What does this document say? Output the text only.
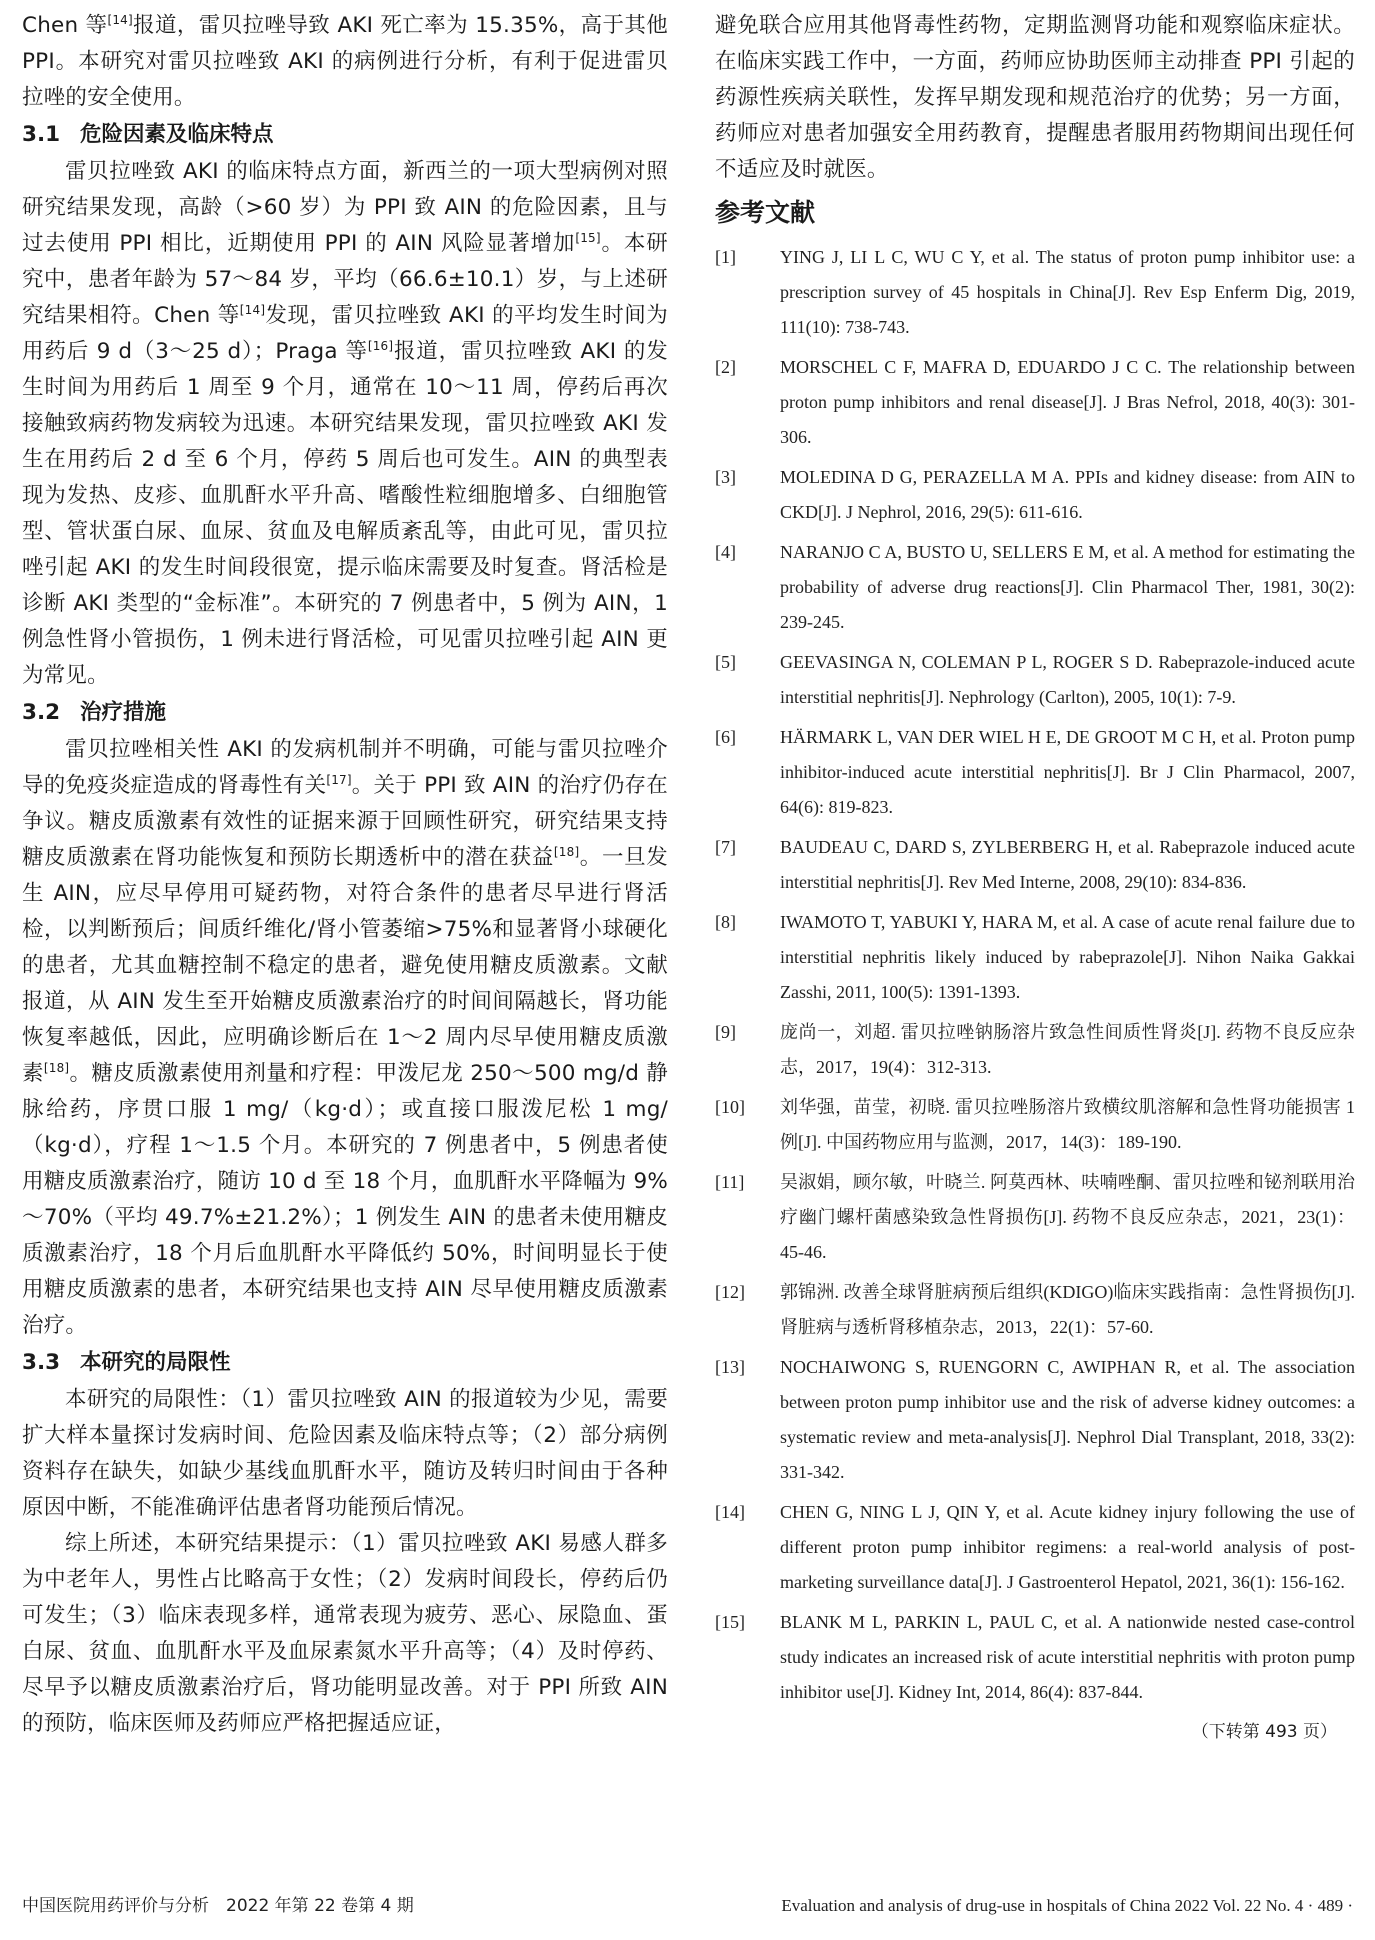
Chen 等[14]报道，雷贝拉唑导致 AKI 死亡率为 15.35%，高于其他 PPI。本研究对雷贝拉唑致 AKI 的病例进行分析，有利于促进雷贝拉唑的安全使用。

3.1 危险因素及临床特点

雷贝拉唑致 AKI 的临床特点方面，新西兰的一项大型病例对照研究结果发现，高龄（>60 岁）为 PPI 致 AIN 的危险因素，且与过去使用 PPI 相比，近期使用 PPI 的 AIN 风险显著增加[15]。本研究中，患者年龄为 57～84 岁，平均（66.6±10.1）岁，与上述研究结果相符。Chen 等[14]发现，雷贝拉唑致 AKI 的平均发生时间为用药后 9 d（3～25 d）；Praga 等[16]报道，雷贝拉唑致 AKI 的发生时间为用药后 1 周至 9 个月，通常在 10～11 周，停药后再次接触致病药物发病较为迅速。本研究结果发现，雷贝拉唑致 AKI 发生在用药后 2 d 至 6 个月，停药 5 周后也可发生。AIN 的典型表现为发热、皮疹、血肌酐水平升高、嗜酸性粒细胞增多、白细胞管型、管状蛋白尿、血尿、贫血及电解质紊乱等，由此可见，雷贝拉唑引起 AKI 的发生时间段很宽，提示临床需要及时复查。肾活检是诊断 AKI 类型的“金标准”。本研究的 7 例患者中，5 例为 AIN，1 例急性肾小管损伤，1 例未进行肾活检，可见雷贝拉唑引起 AIN 更为常见。

3.2 治疗措施

雷贝拉唑相关性 AKI 的发病机制并不明确，可能与雷贝拉唑介导的免疫炎症造成的肾毒性有关[17]。关于 PPI 致 AIN 的治疗仍存在争议。糖皮质激素有效性的证据来源于回顾性研究，研究结果支持糖皮质激素在肾功能恢复和预防长期透析中的潜在获益[18]。一旦发生 AIN，应尽早停用可疑药物，对符合条件的患者尽早进行肾活检，以判断预后；间质纤维化/肾小管萎缩>75%和显著肾小球硬化的患者，尤其血糖控制不稳定的患者，避免使用糖皮质激素。文献报道，从 AIN 发生至开始糖皮质激素治疗的时间间隔越长，肾功能恢复率越低，因此，应明确诊断后在 1～2 周内尽早使用糖皮质激素[18]。糖皮质激素使用剂量和疗程：甲泼尼龙 250～500 mg/d 静脉给药，序贯口服 1 mg/（kg·d）；或直接口服泼尼松 1 mg/（kg·d），疗程 1～1.5 个月。本研究的 7 例患者中，5 例患者使用糖皮质激素治疗，随访 10 d 至 18 个月，血肌酐水平降幅为 9%～70%（平均 49.7%±21.2%）；1 例发生 AIN 的患者未使用糖皮质激素治疗，18 个月后血肌酐水平降低约 50%，时间明显长于使用糖皮质激素的患者，本研究结果也支持 AIN 尽早使用糖皮质激素治疗。

3.3 本研究的局限性

本研究的局限性：（1）雷贝拉唑致 AIN 的报道较为少见，需要扩大样本量探讨发病时间、危险因素及临床特点等；（2）部分病例资料存在缺失，如缺少基线血肌酐水平，随访及转归时间由于各种原因中断，不能准确评估患者肾功能预后情况。

综上所述，本研究结果提示：（1）雷贝拉唑致 AKI 易感人群多为中老年人，男性占比略高于女性；（2）发病时间段长，停药后仍可发生；（3）临床表现多样，通常表现为疲劳、恶心、尿隐血、蛋白尿、贫血、血肌酐水平及血尿素氮水平升高等；（4）及时停药、尽早予以糖皮质激素治疗后，肾功能明显改善。对于 PPI 所致 AIN 的预防，临床医师及药师应严格把握适应证，

避免联合应用其他肾毒性药物，定期监测肾功能和观察临床症状。在临床实践工作中，一方面，药师应协助医师主动排查 PPI 引起的药源性疾病关联性，发挥早期发现和规范治疗的优势；另一方面，药师应对患者加强安全用药教育，提醒患者服用药物期间出现任何不适应及时就医。

参考文献
[1]	YING J, LI L C, WU C Y, et al. The status of proton pump inhibitor use: a prescription survey of 45 hospitals in China[J]. Rev Esp Enferm Dig, 2019, 111(10): 738-743.
[2]	MORSCHEL C F, MAFRA D, EDUARDO J C C. The relationship between proton pump inhibitors and renal disease[J]. J Bras Nefrol, 2018, 40(3): 301-306.
[3]	MOLEDINA D G, PERAZELLA M A. PPIs and kidney disease: from AIN to CKD[J]. J Nephrol, 2016, 29(5): 611-616.
[4]	NARANJO C A, BUSTO U, SELLERS E M, et al. A method for estimating the probability of adverse drug reactions[J]. Clin Pharmacol Ther, 1981, 30(2): 239-245.
[5]	GEEVASINGA N, COLEMAN P L, ROGER S D. Rabeprazole-induced acute interstitial nephritis[J]. Nephrology (Carlton), 2005, 10(1): 7-9.
[6]	HÄRMARK L, VAN DER WIEL H E, DE GROOT M C H, et al. Proton pump inhibitor-induced acute interstitial nephritis[J]. Br J Clin Pharmacol, 2007, 64(6): 819-823.
[7]	BAUDEAU C, DARD S, ZYLBERBERG H, et al. Rabeprazole induced acute interstitial nephritis[J]. Rev Med Interne, 2008, 29(10): 834-836.
[8]	IWAMOTO T, YABUKI Y, HARA M, et al. A case of acute renal failure due to interstitial nephritis likely induced by rabeprazole[J]. Nihon Naika Gakkai Zasshi, 2011, 100(5): 1391-1393.
[9]	庞尚一，刘超. 雷贝拉唑钠肠溶片致急性间质性肾炎[J]. 药物不良反应杂志，2017，19(4)：312-313.
[10]	刘华强，苗莹，初晓. 雷贝拉唑肠溶片致横纹肌溶解和急性肾功能损害 1 例[J]. 中国药物应用与监测，2017，14(3)：189-190.
[11]	吴淑娟，顾尔敏，叶晓兰. 阿莫西林、呋喃唑酮、雷贝拉唑和铋剂联用治疗幽门螺杆菌感染致急性肾损伤[J]. 药物不良反应杂志，2021，23(1)：45-46.
[12]	郭锦洲. 改善全球肾脏病预后组织(KDIGO)临床实践指南：急性肾损伤[J]. 肾脏病与透析肾移植杂志，2013，22(1)：57-60.
[13]	NOCHAIWONG S, RUENGORN C, AWIPHAN R, et al. The association between proton pump inhibitor use and the risk of adverse kidney outcomes: a systematic review and meta-analysis[J]. Nephrol Dial Transplant, 2018, 33(2): 331-342.
[14]	CHEN G, NING L J, QIN Y, et al. Acute kidney injury following the use of different proton pump inhibitor regimens: a real-world analysis of post-marketing surveillance data[J]. J Gastroenterol Hepatol, 2021, 36(1): 156-162.
[15]	BLANK M L, PARKIN L, PAUL C, et al. A nationwide nested case-control study indicates an increased risk of acute interstitial nephritis with proton pump inhibitor use[J]. Kidney Int, 2014, 86(4): 837-844.
（下转第 493 页）
中国医院用药评价与分析　2022 年第 22 卷第 4 期	Evaluation and analysis of drug-use in hospitals of China 2022 Vol. 22 No. 4 · 489 ·
